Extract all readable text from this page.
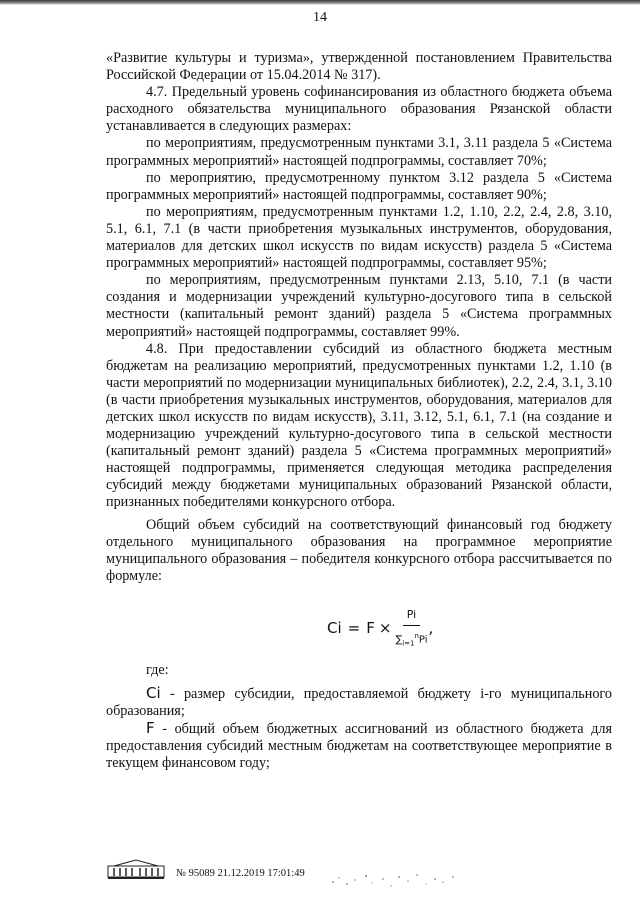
14

«Развитие культуры и туризма», утвержденной постановлением Правительства Российской Федерации от 15.04.2014 № 317).

4.7. Предельный уровень софинансирования из областного бюджета объема расходного обязательства муниципального образования Рязанской области устанавливается в следующих размерах:

по мероприятиям, предусмотренным пунктами 3.1, 3.11 раздела 5 «Система программных мероприятий» настоящей подпрограммы, составляет 70%;

по мероприятию, предусмотренному пунктом 3.12 раздела 5 «Система программных мероприятий» настоящей подпрограммы, составляет 90%;

по мероприятиям, предусмотренным пунктами 1.2, 1.10, 2.2, 2.4, 2.8, 3.10, 5.1, 6.1, 7.1 (в части приобретения музыкальных инструментов, оборудования, материалов для детских школ искусств по видам искусств) раздела 5 «Система программных мероприятий» настоящей подпрограммы, составляет 95%;

по мероприятиям, предусмотренным пунктами 2.13, 5.10, 7.1 (в части создания и модернизации учреждений культурно-досугового типа в сельской местности (капитальный ремонт зданий) раздела 5 «Система программных мероприятий» настоящей подпрограммы, составляет 99%.

4.8. При предоставлении субсидий из областного бюджета местным бюджетам на реализацию мероприятий, предусмотренных пунктами 1.2, 1.10 (в части мероприятий по модернизации муниципальных библиотек), 2.2, 2.4, 3.1, 3.10 (в части приобретения музыкальных инструментов, оборудования, материалов для детских школ искусств по видам искусств), 3.11, 3.12, 5.1, 6.1, 7.1 (на создание и модернизацию учреждений культурно-досугового типа в сельской местности (капитальный ремонт зданий) раздела 5 «Система программных мероприятий» настоящей подпрограммы, применяется следующая методика распределения субсидий между бюджетами муниципальных образований Рязанской области, признанных победителями конкурсного отбора.

Общий объем субсидий на соответствующий финансовый год бюджету отдельного муниципального образования на программное мероприятие муниципального образования – победителя конкурсного отбора рассчитывается по формуле:

$Ci = F \times \frac{Pi}{\sum_{i=1}^nPi}$ ,

где:

Ci - размер субсидии, предоставляемой бюджету i-го муниципального образования;

F - общий объем бюджетных ассигнований из областного бюджета для предоставления субсидий местным бюджетам на соответствующее мероприятие в текущем финансовом году;

№ 95089 21.12.2019 17:01:49
